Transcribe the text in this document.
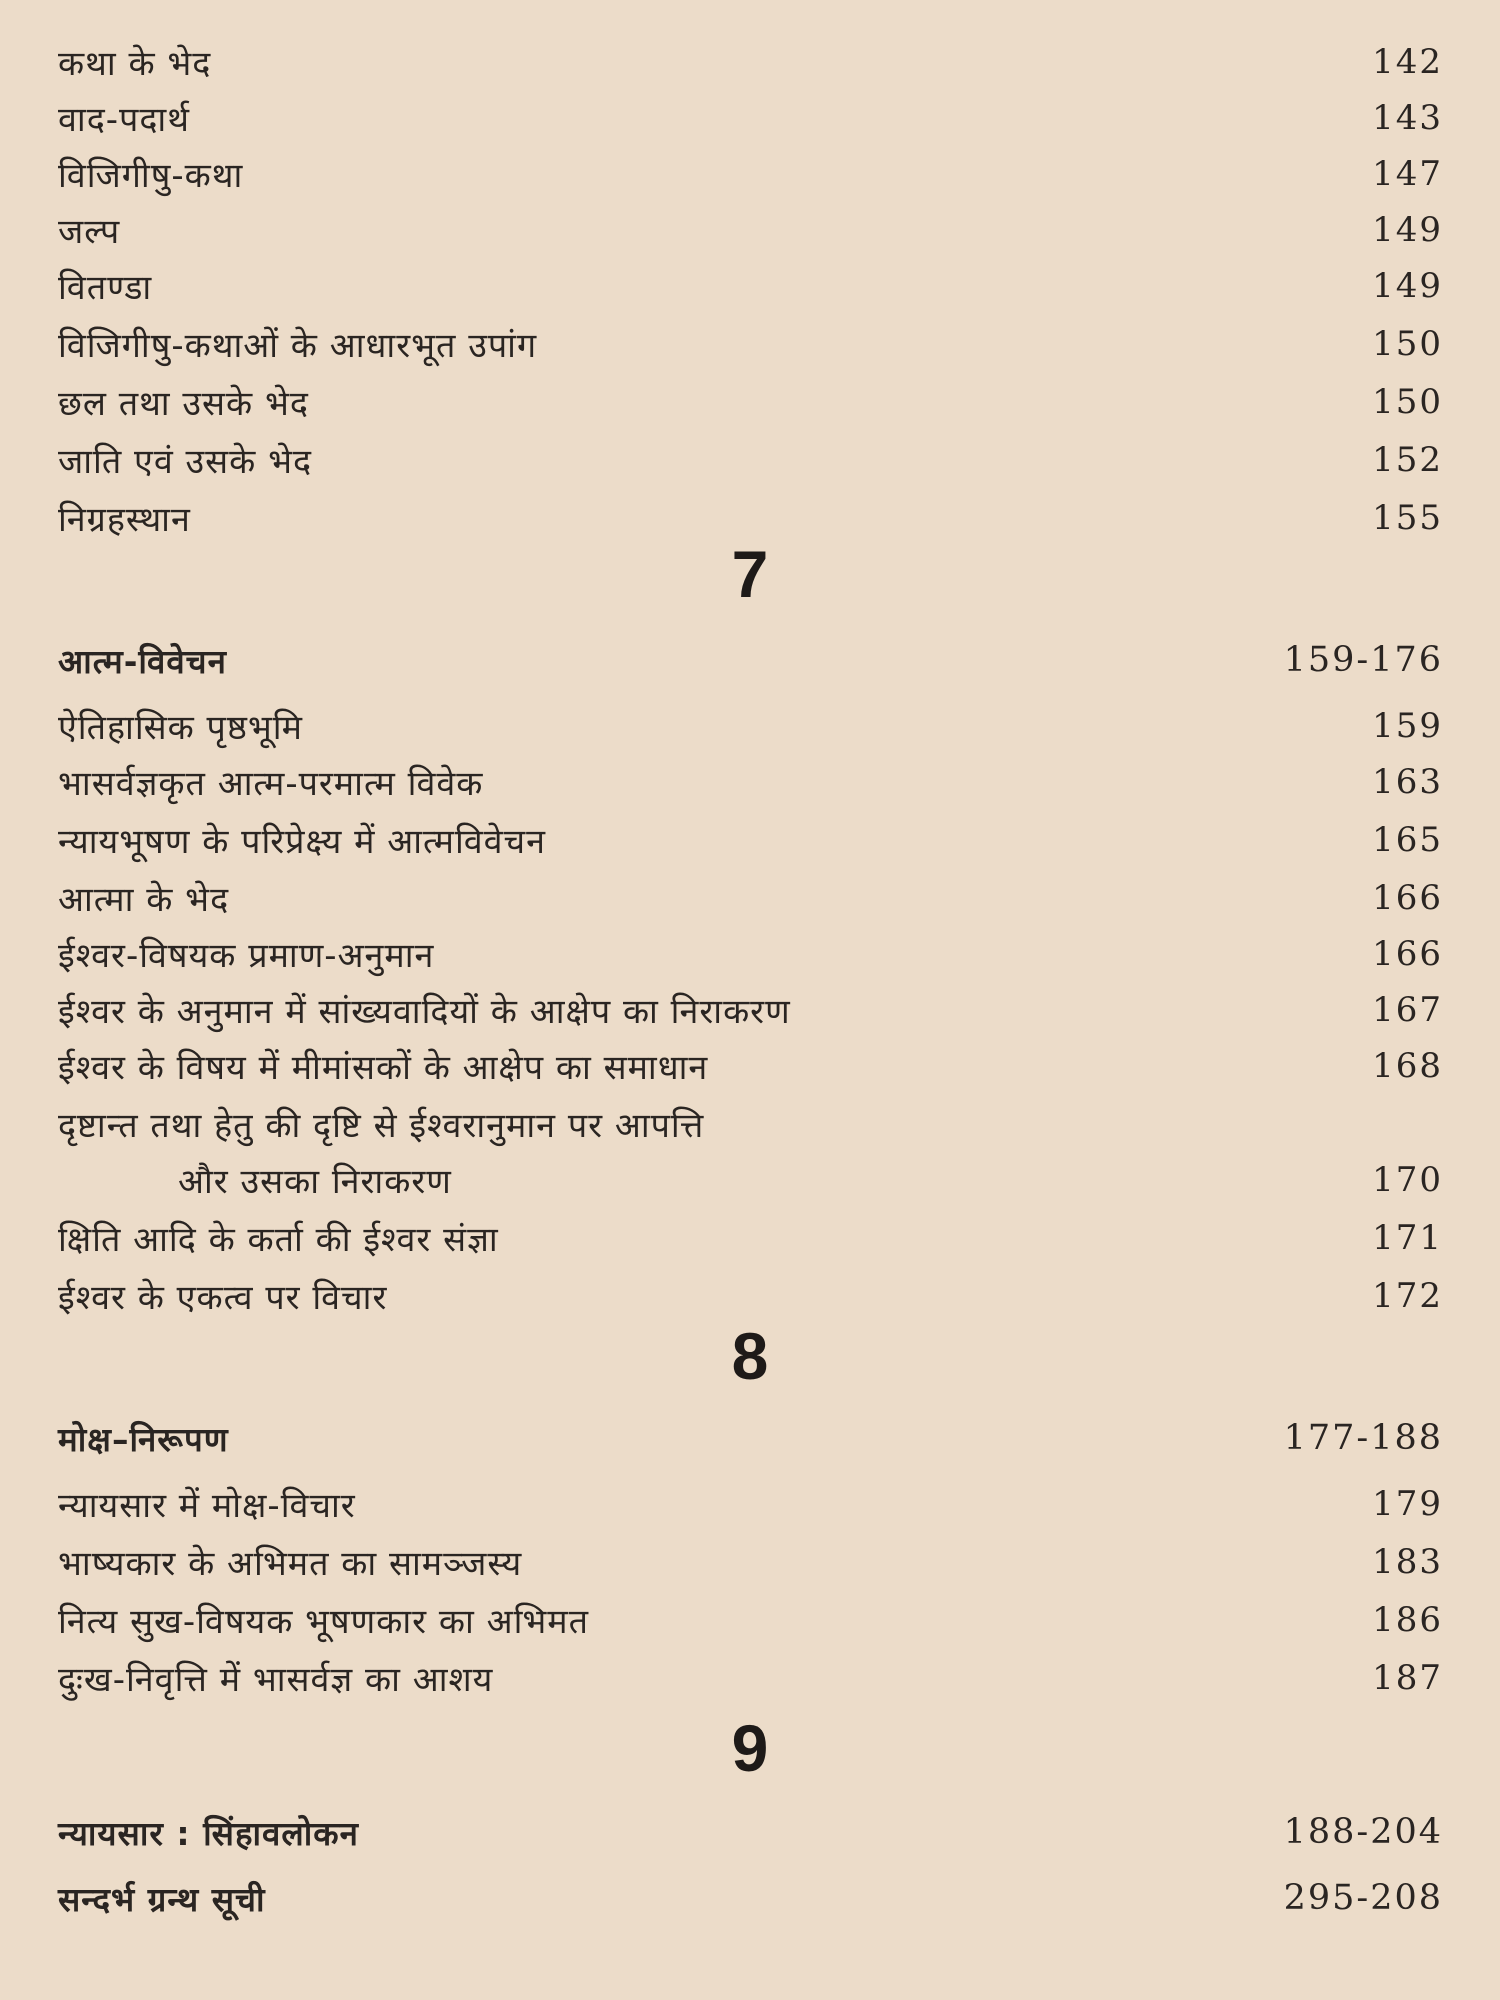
कथा के भेद	142
वाद-पदार्थ	143
विजिगीषु-कथा	147
जल्प	149
वितण्डा	149
विजिगीषु-कथाओं के आधारभूत उपांग	150
छल तथा उसके भेद	150
जाति एवं उसके भेद	152
निग्रहस्थान	155
7
आत्म-विवेचन	159-176
ऐतिहासिक पृष्ठभूमि	159
भासर्वज्ञकृत आत्म-परमात्म विवेक	163
न्यायभूषण के परिप्रेक्ष्य में आत्मविवेचन	165
आत्मा के भेद	166
ईश्वर-विषयक प्रमाण-अनुमान	166
ईश्वर के अनुमान में सांख्यवादियों के आक्षेप का निराकरण	167
ईश्वर के विषय में मीमांसकों के आक्षेप का समाधान	168
दृष्टान्त तथा हेतु की दृष्टि से ईश्वरानुमान पर आपत्ति
और उसका निराकरण	170
क्षिति आदि के कर्ता की ईश्वर संज्ञा	171
ईश्वर के एकत्व पर विचार	172
8
मोक्ष–निरूपण	177-188
न्यायसार में मोक्ष-विचार	179
भाष्यकार के अभिमत का सामञ्जस्य	183
नित्य सुख-विषयक भूषणकार का अभिमत	186
दुःख-निवृत्ति में भासर्वज्ञ का आशय	187
9
न्यायसार : सिंहावलोकन	188-204
सन्दर्भ ग्रन्थ सूची	295-208
